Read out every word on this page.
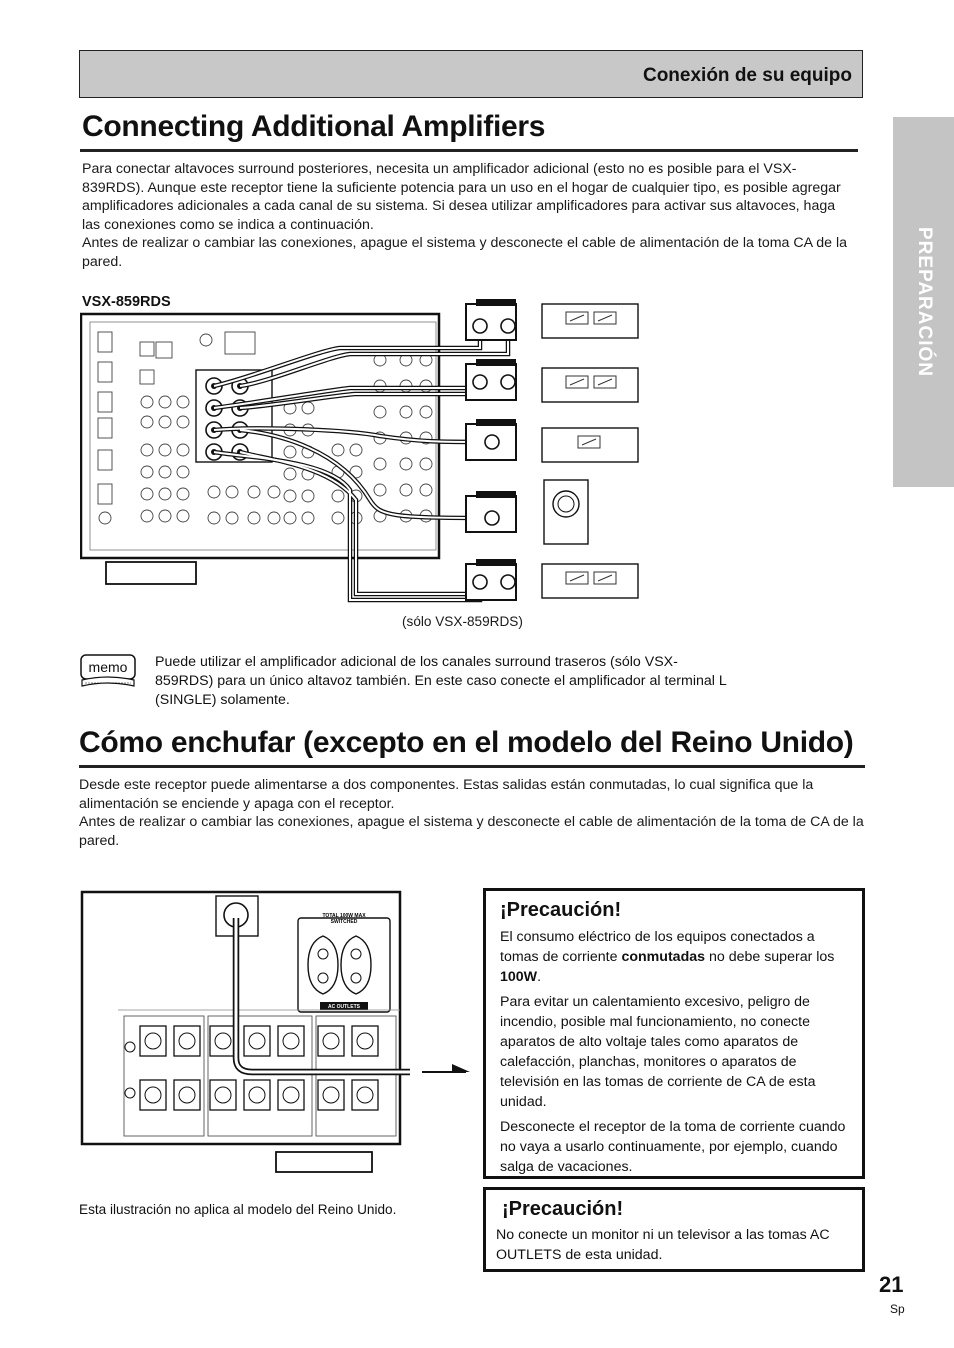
Conexión de su equipo
PREPARACIÓN
Connecting Additional Amplifiers
Para conectar altavoces surround posteriores, necesita un amplificador adicional (esto no es posible para el VSX-839RDS). Aunque este receptor tiene la suficiente potencia para un uso en el hogar de cualquier tipo, es posible agregar amplificadores adicionales a cada canal de su sistema. Si desea utilizar amplificadores para activar sus altavoces, haga las conexiones como se indica a continuación.
Antes de realizar o cambiar las conexiones, apague el sistema y desconecte el cable de alimentación de la toma CA de la pared.
VSX-859RDS
(sólo VSX-859RDS)
memo Puede utilizar el amplificador adicional de los canales surround traseros (sólo VSX-859RDS) para un único altavoz también. En este caso conecte el amplificador al terminal L (SINGLE) solamente.
Cómo enchufar (excepto en el modelo del Reino Unido)
Desde este receptor puede alimentarse a dos componentes. Estas salidas están conmutadas, lo cual significa que la alimentación se enciende y apaga con el receptor.
Antes de realizar o cambiar las conexiones, apague el sistema y desconecte el cable de alimentación de la toma de CA de la pared.
TOTAL 100W MAX
SWITCHED
AC OUTLETS
Esta ilustración no aplica al modelo del Reino Unido.
¡Precaución!

El consumo eléctrico de los equipos conectados a tomas de corriente conmutadas no debe superar los 100W.

Para evitar un calentamiento excesivo, peligro de incendio, posible mal funcionamiento, no conecte aparatos de alto voltaje tales como aparatos de calefacción, planchas, monitores o aparatos de televisión en las tomas de corriente de CA de esta unidad.

Desconecte el receptor de la toma de corriente cuando no vaya a usarlo continuamente, por ejemplo, cuando salga de vacaciones.

¡Precaución!
No conecte un monitor ni un televisor a las tomas AC OUTLETS de esta unidad.
21
Sp
